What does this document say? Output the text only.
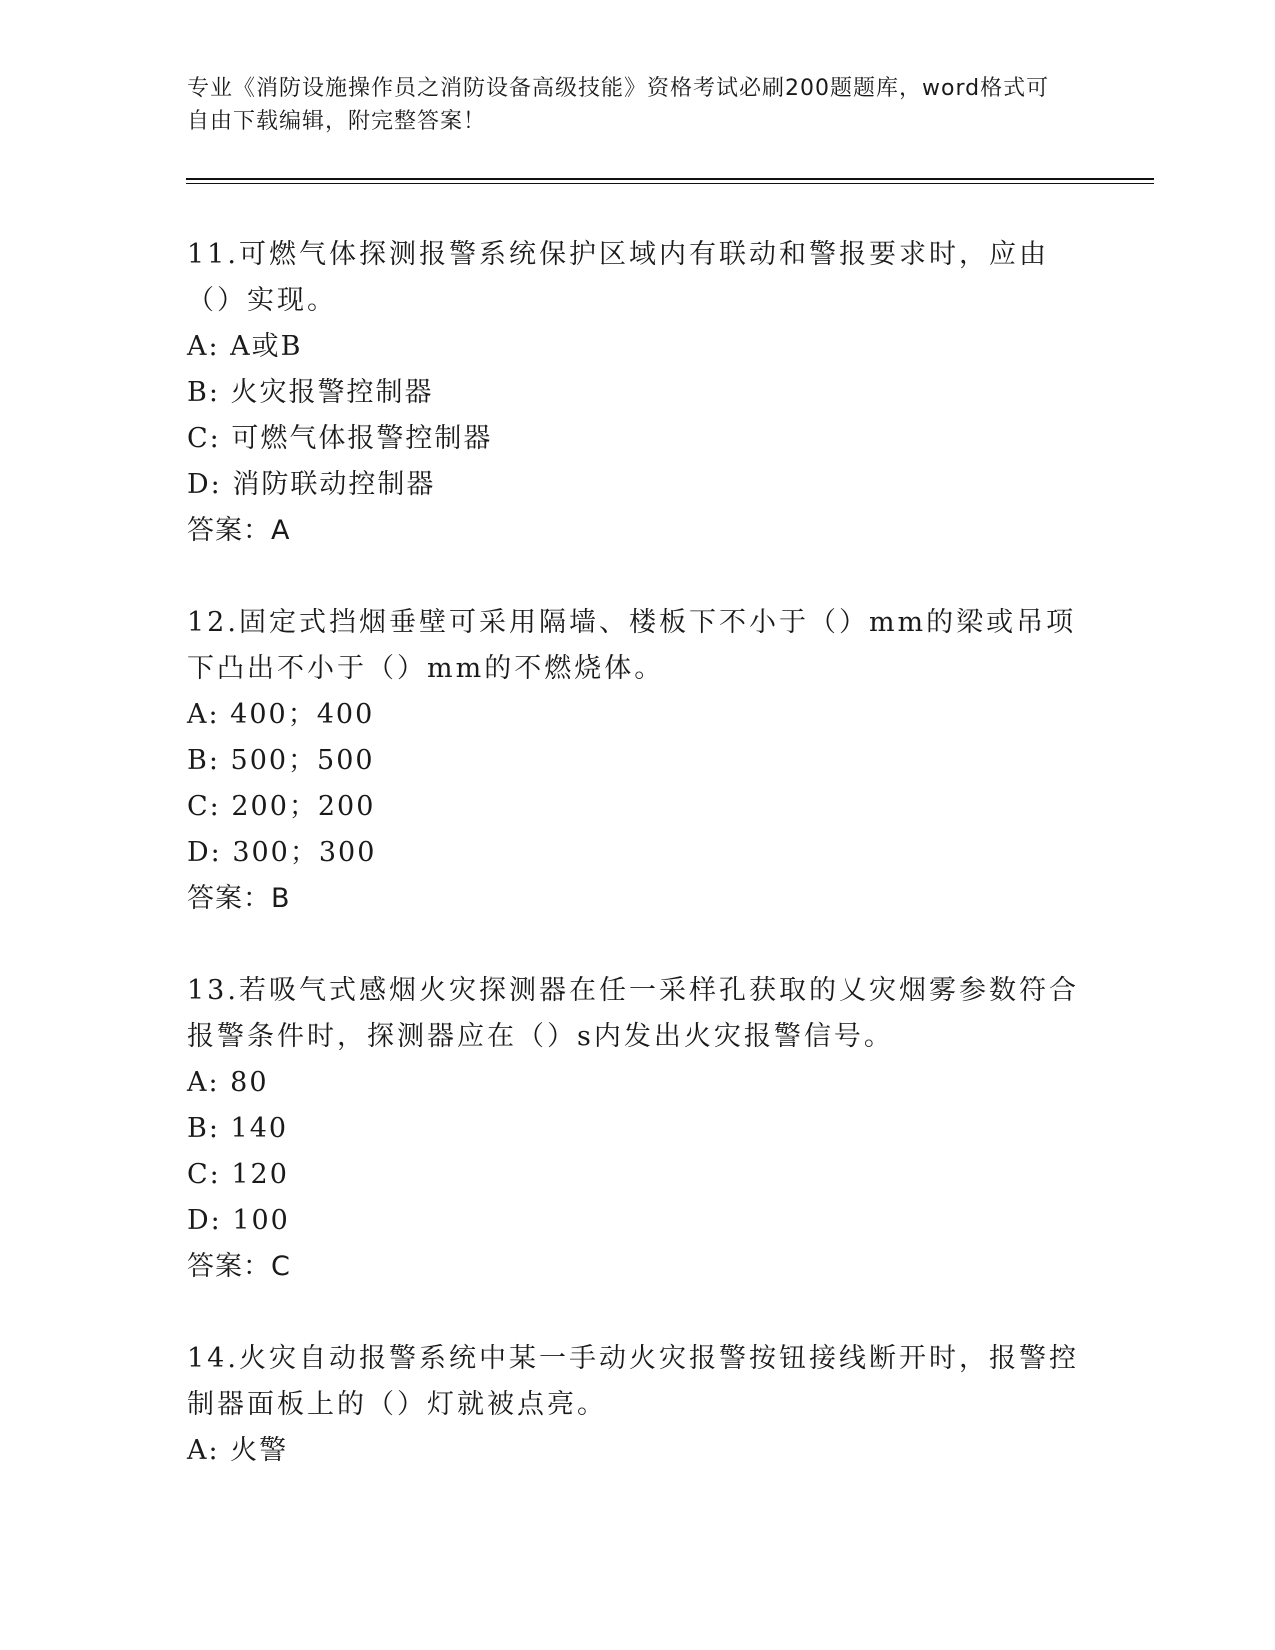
专业《消防设施操作员之消防设备高级技能》资格考试必刷200题题库，word格式可自由下载编辑，附完整答案！

11.可燃气体探测报警系统保护区域内有联动和警报要求时，应由（）实现。

A: A或B

B: 火灾报警控制器

C: 可燃气体报警控制器

D: 消防联动控制器

答案：A

12.固定式挡烟垂壁可采用隔墙、楼板下不小于（）mm的梁或吊项下凸出不小于（）mm的不燃烧体。

A: 400；400

B: 500；500

C: 200；200

D: 300；300

答案：B

13.若吸气式感烟火灾探测器在任一采样孔获取的乂灾烟雾参数符合报警条件时，探测器应在（）s内发出火灾报警信号。

A: 80

B: 140

C: 120

D: 100

答案：C

14.火灾自动报警系统中某一手动火灾报警按钮接线断开时，报警控制器面板上的（）灯就被点亮。

A: 火警
